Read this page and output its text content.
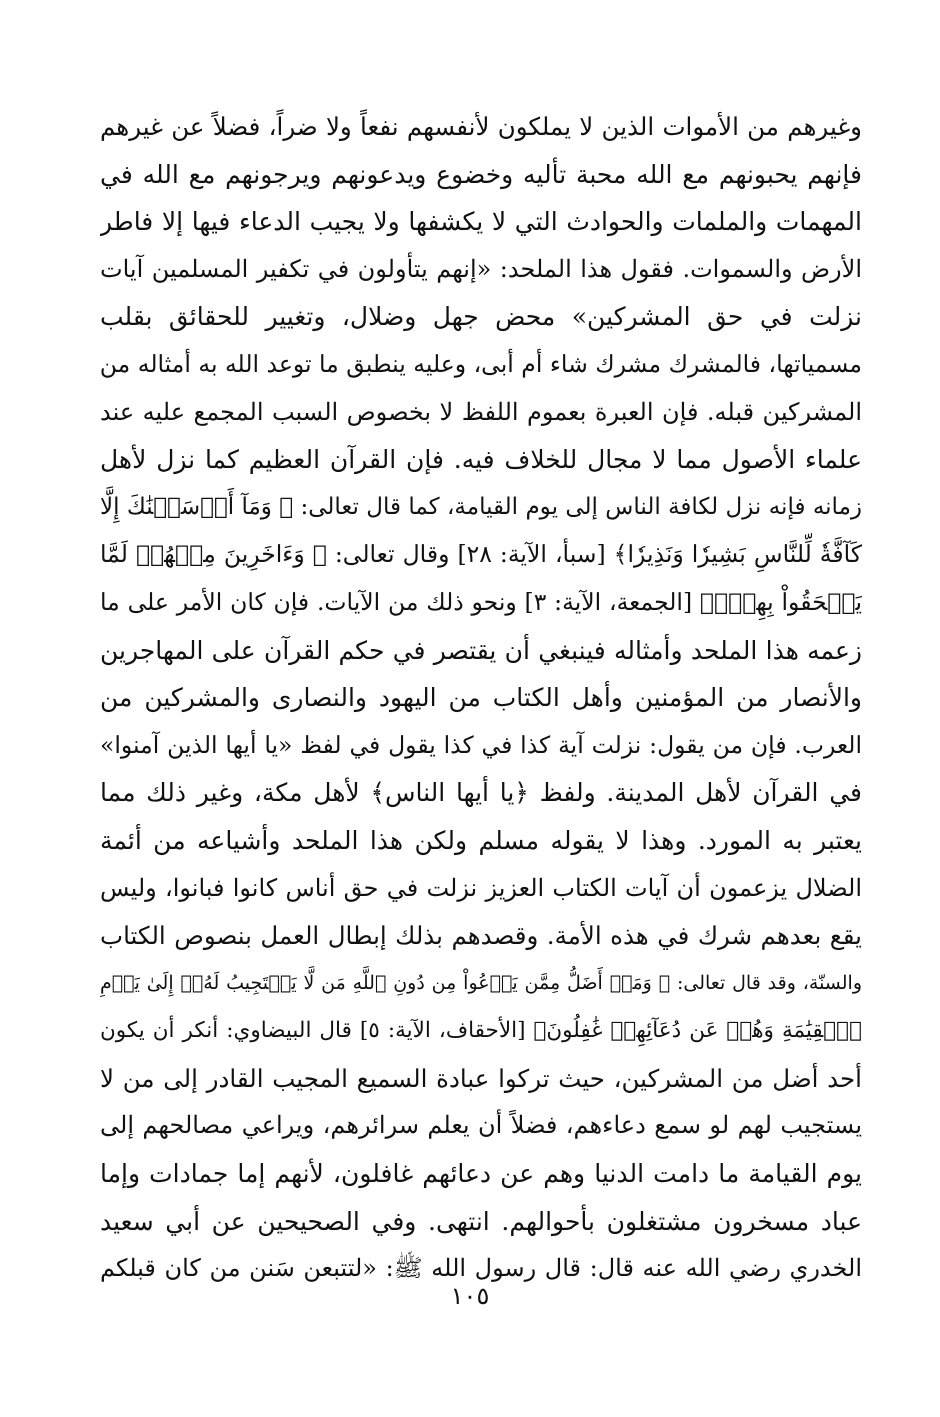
وغيرهم من الأموات الذين لا يملكون لأنفسهم نفعاً ولا ضراً، فضلاً عن غيرهم
فإنهم يحبونهم مع الله محبة تأليه وخضوع ويدعونهم ويرجونهم مع الله في
المهمات والملمات والحوادث التي لا يكشفها ولا يجيب الدعاء فيها إلا فاطر
الأرض والسموات. فقول هذا الملحد: «إنهم يتأولون في تكفير المسلمين آيات
نزلت في حق المشركين» محض جهل وضلال، وتغيير للحقائق بقلب
مسمياتها، فالمشرك مشرك شاء أم أبى، وعليه ينطبق ما توعد الله به أمثاله من
المشركين قبله. فإن العبرة بعموم اللفظ لا بخصوص السبب المجمع عليه عند
علماء الأصول مما لا مجال للخلاف فيه. فإن القرآن العظيم كما نزل لأهل
زمانه فإنه نزل لكافة الناس إلى يوم القيامة، كما قال تعالى: ﴿ وَمَآ أَرۡسَلۡنَٰكَ إِلَّا
كَآفَّةٗ لِّلنَّاسِ بَشِيرٗا وَنَذِيرٗا﴾ [سبأ، الآية: ٢٨] وقال تعالى: ﴿ وَءَاخَرِينَ مِنۡهُمۡ لَمَّا
يَلۡحَقُواْ بِهِمۡۚ﴾ [الجمعة، الآية: ٣] ونحو ذلك من الآيات. فإن كان الأمر على ما
زعمه هذا الملحد وأمثاله فينبغي أن يقتصر في حكم القرآن على المهاجرين
والأنصار من المؤمنين وأهل الكتاب من اليهود والنصارى والمشركين من
العرب. فإن من يقول: نزلت آية كذا في كذا يقول في لفظ «يا أيها الذين آمنوا»
في القرآن لأهل المدينة. ولفظ ﴿يا أيها الناس﴾ لأهل مكة، وغير ذلك مما
يعتبر به المورد. وهذا لا يقوله مسلم ولكن هذا الملحد وأشياعه من أئمة
الضلال يزعمون أن آيات الكتاب العزيز نزلت في حق أناس كانوا فبانوا، وليس
يقع بعدهم شرك في هذه الأمة. وقصدهم بذلك إبطال العمل بنصوص الكتاب
والسنّة، وقد قال تعالى: ﴿ وَمَنۡ أَضَلُّ مِمَّن يَدۡعُواْ مِن دُونِ ٱللَّهِ مَن لَّا يَسۡتَجِيبُ لَهُۥٓ إِلَىٰ يَوۡمِ
ٱلۡقِيَٰمَةِ وَهُمۡ عَن دُعَآئِهِمۡ غَٰفِلُونَ﴾ [الأحقاف، الآية: ٥] قال البيضاوي: أنكر أن يكون
أحد أضل من المشركين، حيث تركوا عبادة السميع المجيب القادر إلى من لا
يستجيب لهم لو سمع دعاءهم، فضلاً أن يعلم سرائرهم، ويراعي مصالحهم إلى
يوم القيامة ما دامت الدنيا وهم عن دعائهم غافلون، لأنهم إما جمادات وإما
عباد مسخرون مشتغلون بأحوالهم. انتهى. وفي الصحيحين عن أبي سعيد
الخدري رضي الله عنه قال: قال رسول الله ﷺ: «لتتبعن سَنن من كان قبلكم
١٠٥
